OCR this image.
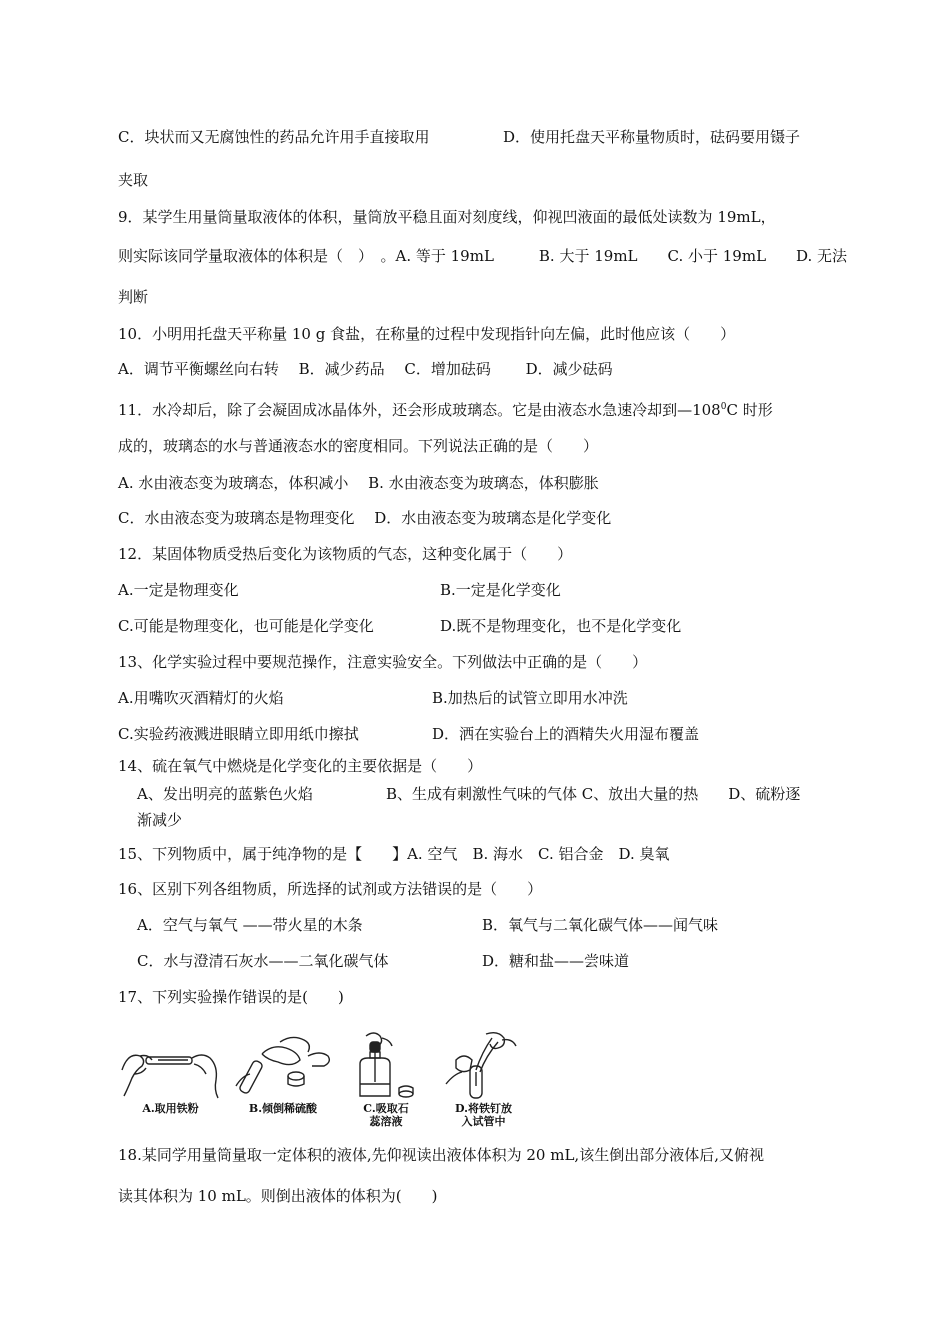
C．块状而又无腐蚀性的药品允许用手直接取用	D．使用托盘天平称量物质时，砝码要用镊子
夹取
9．某学生用量筒量取液体的体积，量筒放平稳且面对刻度线，仰视凹液面的最低处读数为 19mL，
则实际该同学量取液体的体积是（　）　。A. 等于 19mL　　　B. 大于 19mL　　C. 小于 19mL　　D. 无法
判断
10．小明用托盘天平称量 10 g 食盐，在称量的过程中发现指针向左偏，此时他应该（　　）
A．调节平衡螺丝向右转　 B．减少药品　 C．增加砝码　　 D．减少砝码
11．水冷却后，除了会凝固成冰晶体外，还会形成玻璃态。它是由液态水急速冷却到$—108^0C$ 时形
成的，玻璃态的水与普通液态水的密度相同。下列说法正确的是（　　）
A. 水由液态变为玻璃态，体积减小　 B. 水由液态变为玻璃态，体积膨胀
C．水由液态变为玻璃态是物理变化　 D．水由液态变为玻璃态是化学变化
12．某固体物质受热后变化为该物质的气态，这种变化属于（　　）
A.一定是物理变化	B.一定是化学变化
C.可能是物理变化，也可能是化学变化	D.既不是物理变化，也不是化学变化
13、化学实验过程中要规范操作，注意实验安全。下列做法中正确的是（　　）
A.用嘴吹灭酒精灯的火焰	B.加热后的试管立即用水冲洗
C.实验药液溅进眼睛立即用纸巾擦拭	D．洒在实验台上的酒精失火用湿布覆盖
14、硫在氧气中燃烧是化学变化的主要依据是（　　）
A、发出明亮的蓝紫色火焰	B、生成有刺激性气味的气体 C、放出大量的热　　D、硫粉逐
渐减少
15、下列物质中，属于纯净物的是【　　】A. 空气　B. 海水　C. 铝合金　D. 臭氧
16、区别下列各组物质，所选择的试剂或方法错误的是（　　）
A．空气与氧气 ——带火星的木条	B．氧气与二氧化碳气体——闻气味
C．水与澄清石灰水——二氧化碳气体	D．糖和盐——尝味道
17、下列实验操作错误的是(　　)
A.取用铁粉	B.倾倒稀硫酸	C.吸取石
蕊溶液
D.将铁钉放
入试管中
18.某同学用量筒量取一定体积的液体,先仰视读出液体体积为 20 mL,该生倒出部分液体后,又俯视
读其体积为 10 mL。则倒出液体的体积为(　　)
